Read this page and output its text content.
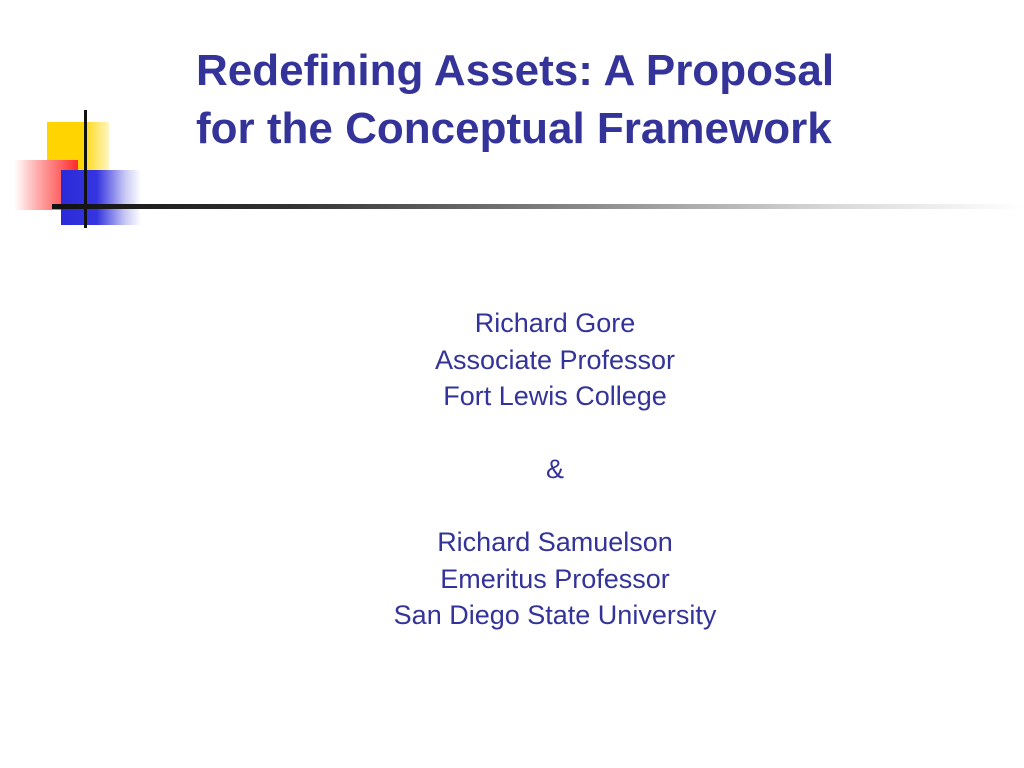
Redefining Assets: A Proposal
for the Conceptual Framework
Richard Gore
Associate Professor
Fort Lewis College
&
Richard Samuelson
Emeritus Professor
San Diego State University
